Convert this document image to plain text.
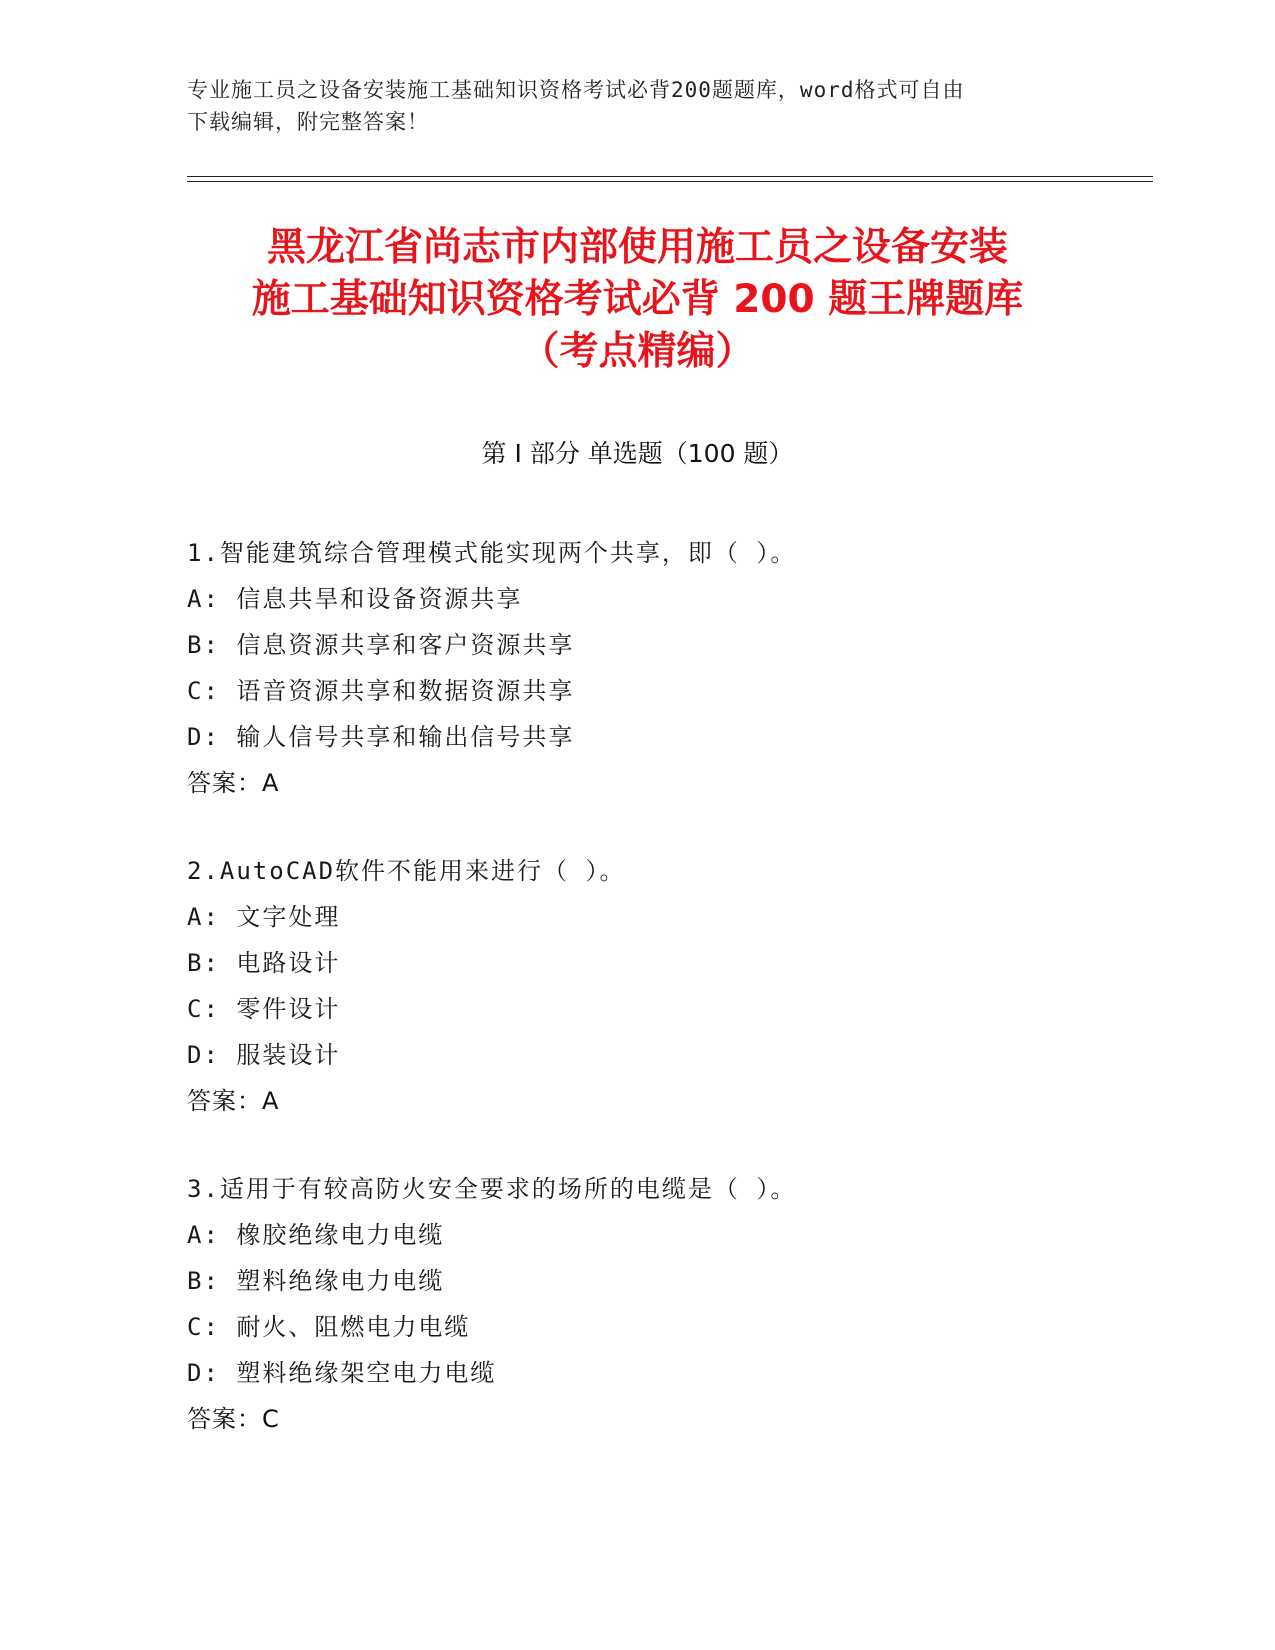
专业施工员之设备安装施工基础知识资格考试必背200题题库，word格式可自由
下载编辑，附完整答案！
黑龙江省尚志市内部使用施工员之设备安装
施工基础知识资格考试必背 200 题王牌题库
（考点精编）
第 I 部分 单选题（100 题）
1.智能建筑综合管理模式能实现两个共享，即（ ）。
A: 信息共旱和设备资源共享
B: 信息资源共享和客户资源共享
C: 语音资源共享和数据资源共享
D: 输人信号共享和输出信号共享
答案：A
2.AutoCAD软件不能用来进行（ ）。
A: 文字处理
B: 电路设计
C: 零件设计
D: 服装设计
答案：A
3.适用于有较高防火安全要求的场所的电缆是（ ）。
A: 橡胶绝缘电力电缆
B: 塑料绝缘电力电缆
C: 耐火、阻燃电力电缆
D: 塑料绝缘架空电力电缆
答案：C
